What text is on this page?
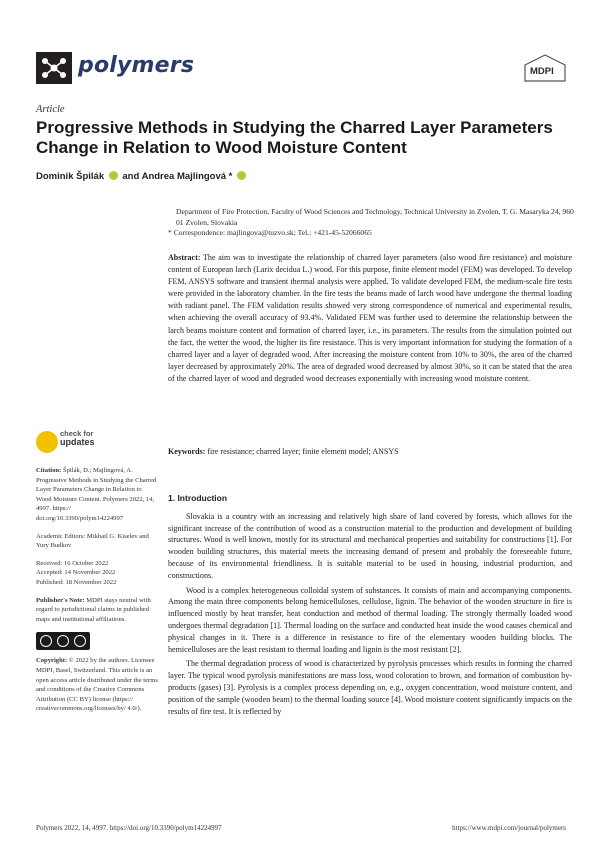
polymers	MDPI
Article
Progressive Methods in Studying the Charred Layer Parameters Change in Relation to Wood Moisture Content
Dominik Špilák and Andrea Majlingová *
Department of Fire Protection, Faculty of Wood Sciences and Technology, Technical University in Zvolen, T. G. Masaryka 24, 960 01 Zvolen, Slovakia
* Correspondence: majlingova@tuzvo.sk; Tel.: +421-45-52066065
Abstract: The aim was to investigate the relationship of charred layer parameters (also wood fire resistance) and moisture content of European larch (Larix decidua L.) wood. For this purpose, finite element model (FEM) was developed. To develop FEM, ANSYS software and transient thermal analysis were applied. To validate developed FEM, the medium-scale fire tests were provided in the laboratory chamber. In the fire tests the beams made of larch wood have undergone the thermal loading with radiant panel. The FEM validation results showed very strong correspondence of numerical and experimental results, when achieving the overall accuracy of 93.4%. Validated FEM was further used to determine the relationship between the larch beams moisture content and formation of charred layer, i.e., its parameters. The results from the simulation pointed out the fact, the wetter the wood, the higher its fire resistance. This is very important information for studying the formation of a charred layer and a layer of degraded wood. After increasing the moisture content from 10% to 30%, the area of the charred layer decreased by approximately 20%. The area of degraded wood decreased by almost 30%, so it can be stated that the area of the charred layer of wood and degraded wood decreases exponentially with increasing wood moisture content.
Keywords: fire resistance; charred layer; finite element model; ANSYS
check for
updates

Citation: Špilák, D.; Majlingová, A. Progressive Methods in Studying the Charred Layer Parameters Change in Relation to Wood Moisture Content. Polymers 2022, 14, 4997. https:// doi.org/10.3390/polym14224997

Academic Editors: Mikhail G. Kiselev and Yury Budkov

Received: 16 October 2022

Accepted: 14 November 2022

Published: 18 November 2022

Publisher's Note: MDPI stays neutral with regard to jurisdictional claims in published maps and institutional affiliations.

Copyright: © 2022 by the authors. Licensee MDPI, Basel, Switzerland. This article is an open access article distributed under the terms and conditions of the Creative Commons Attribution (CC BY) license (https:// creativecommons.org/licenses/by/ 4.0/).

1. Introduction

Slovakia is a country with an increasing and relatively high share of land covered by forests, which allows for the significant increase of the contribution of wood as a construction material to the production and development of building structures. Wood is well known, mostly for its structural and mechanical properties and suitability for constructions [1]. For wooden building structures, this material meets the increasing demand of present and probably the foreseeable future, because of its environmental friendliness. It is suitable material to be used in housing, industrial production, and constructions.

Wood is a complex heterogeneous colloidal system of substances. It consists of main and accompanying components. Among the main three components belong hemicelluloses, cellulose, lignin. The behavior of the wooden structure in fire is influenced mostly by heat transfer, heat conduction and method of thermal loading. The strongly thermally loaded wood undergoes thermal degradation [1]. Thermal loading on the surface and conducted heat inside the wood causes chemical and physical changes in it. There is a difference in resistance to fire of the elementary wooden building blocks. The hemicelluloses are the least resistant to thermal loading and lignin is the most resistant [2].

The thermal degradation process of wood is characterized by pyrolysis processes which results in forming the charred layer. The typical wood pyrolysis manifestations are mass loss, wood coloration to brown, and formation of combustion by-products (gases) [3]. Pyrolysis is a complex process depending on, e.g., oxygen concentration, wood moisture content, and position of the sample (wooden beam) to the thermal loading source [4]. Wood moisture content significantly impacts on the results of fire test. It is reflected by

Polymers 2022, 14, 4997. https://doi.org/10.3390/polym14224997	https://www.mdpi.com/journal/polymers
